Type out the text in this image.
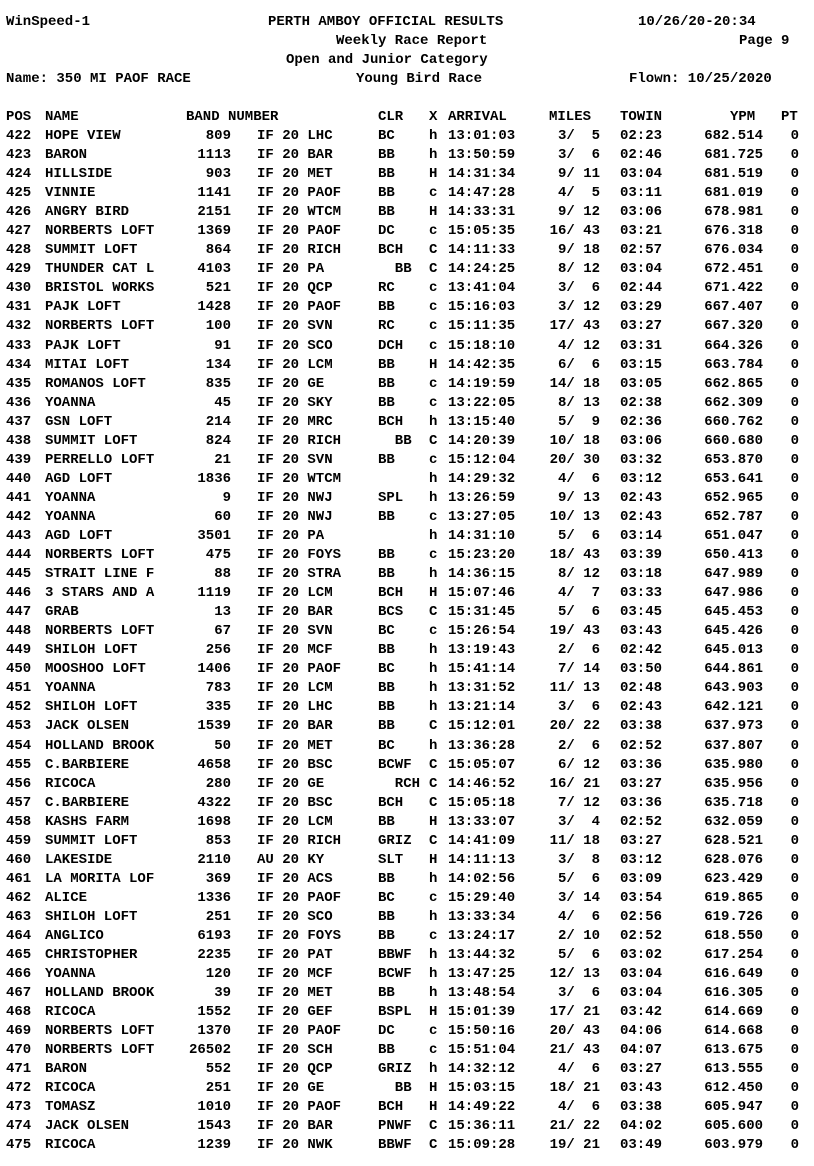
WinSpeed-1

	PERTH AMBOY OFFICIAL RESULTS

	10/26/20-20:34

Weekly Race Report

	Page 9

Open and Junior Category

Name: 350 MI PAOF RACE

	Young Bird Race

	Flown: 10/25/2020

POS NAME	BAND NUMBER	CLR X ARRIVAL	MILES TOWIN	YPM PT
422 HOPE VIEW	809 IF 20 LHC	BC h 13:01:03	3/  5 02:23	682.514	0
423 BARON	1113 IF 20 BAR	BB h 13:50:59	3/  6 02:46	681.725	0
424 HILLSIDE	903 IF 20 MET	BB H 14:31:34	9/ 11 03:04	681.519	0
425 VINNIE	1141 IF 20 PAOF	BB c 14:47:28	4/  5 03:11	681.019	0
426 ANGRY BIRD	2151 IF 20 WTCM	BB H 14:33:31	9/ 12 03:06	678.981	0
427 NORBERTS LOFT	1369 IF 20 PAOF	DC c 15:05:35	16/ 43 03:21	676.318	0
428 SUMMIT LOFT	864 IF 20 RICH	BCH C 14:11:33	9/ 18 02:57	676.034	0
429 THUNDER CAT L	4103 IF 20 PA	BB C 14:24:25	8/ 12 03:04	672.451	0
430 BRISTOL WORKS	521 IF 20 QCP	RC c 13:41:04	3/  6 02:44	671.422	0
431 PAJK LOFT	1428 IF 20 PAOF	BB c 15:16:03	3/ 12 03:29	667.407	0
432 NORBERTS LOFT	100 IF 20 SVN	RC c 15:11:35	17/ 43 03:27	667.320	0
433 PAJK LOFT	91 IF 20 SCO	DCH c 15:18:10	4/ 12 03:31	664.326	0
434 MITAI LOFT	134 IF 20 LCM	BB H 14:42:35	6/  6 03:15	663.784	0
435 ROMANOS LOFT	835 IF 20 GE	BB c 14:19:59	14/ 18 03:05	662.865	0
436 YOANNA	45 IF 20 SKY	BB c 13:22:05	8/ 13 02:38	662.309	0
437 GSN LOFT	214 IF 20 MRC	BCH h 13:15:40	5/  9 02:36	660.762	0
438 SUMMIT LOFT	824 IF 20 RICH	BB C 14:20:39	10/ 18 03:06	660.680	0
439 PERRELLO LOFT	21 IF 20 SVN	BB c 15:12:04	20/ 30 03:32	653.870	0
440 AGD LOFT	1836 IF 20 WTCM	h 14:29:32	4/  6 03:12	653.641	0
441 YOANNA	9 IF 20 NWJ	SPL h 13:26:59	9/ 13 02:43	652.965	0
442 YOANNA	60 IF 20 NWJ	BB c 13:27:05	10/ 13 02:43	652.787	0
443 AGD LOFT	3501 IF 20 PA	h 14:31:10	5/  6 03:14	651.047	0
444 NORBERTS LOFT	475 IF 20 FOYS	BB c 15:23:20	18/ 43 03:39	650.413	0
445 STRAIT LINE F	88 IF 20 STRA	BB h 14:36:15	8/ 12 03:18	647.989	0
446 3 STARS AND A	1119 IF 20 LCM	BCH H 15:07:46	4/  7 03:33	647.986	0
447 GRAB	13 IF 20 BAR	BCS C 15:31:45	5/  6 03:45	645.453	0
448 NORBERTS LOFT	67 IF 20 SVN	BC c 15:26:54	19/ 43 03:43	645.426	0
449 SHILOH LOFT	256 IF 20 MCF	BB h 13:19:43	2/  6 02:42	645.013	0
450 MOOSHOO LOFT	1406 IF 20 PAOF	BC h 15:41:14	7/ 14 03:50	644.861	0
451 YOANNA	783 IF 20 LCM	BB h 13:31:52	11/ 13 02:48	643.903	0
452 SHILOH LOFT	335 IF 20 LHC	BB h 13:21:14	3/  6 02:43	642.121	0
453 JACK OLSEN	1539 IF 20 BAR	BB C 15:12:01	20/ 22 03:38	637.973	0
454 HOLLAND BROOK	50 IF 20 MET	BC h 13:36:28	2/  6 02:52	637.807	0
455 C.BARBIERE	4658 IF 20 BSC	BCWF C 15:05:07	6/ 12 03:36	635.980	0
456 RICOCA	280 IF 20 GE	RCH C 14:46:52	16/ 21 03:27	635.956	0
457 C.BARBIERE	4322 IF 20 BSC	BCH C 15:05:18	7/ 12 03:36	635.718	0
458 KASHS FARM	1698 IF 20 LCM	BB H 13:33:07	3/  4 02:52	632.059	0
459 SUMMIT LOFT	853 IF 20 RICH	GRIZ C 14:41:09	11/ 18 03:27	628.521	0
460 LAKESIDE	2110 AU 20 KY	SLT H 14:11:13	3/  8 03:12	628.076	0
461 LA MORITA LOF	369 IF 20 ACS	BB h 14:02:56	5/  6 03:09	623.429	0
462 ALICE	1336 IF 20 PAOF	BC c 15:29:40	3/ 14 03:54	619.865	0
463 SHILOH LOFT	251 IF 20 SCO	BB h 13:33:34	4/  6 02:56	619.726	0
464 ANGLICO	6193 IF 20 FOYS	BB c 13:24:17	2/ 10 02:52	618.550	0
465 CHRISTOPHER	2235 IF 20 PAT	BBWF h 13:44:32	5/  6 03:02	617.254	0
466 YOANNA	120 IF 20 MCF	BCWF h 13:47:25	12/ 13 03:04	616.649	0
467 HOLLAND BROOK	39 IF 20 MET	BB h 13:48:54	3/  6 03:04	616.305	0
468 RICOCA	1552 IF 20 GEF	BSPL H 15:01:39	17/ 21 03:42	614.669	0
469 NORBERTS LOFT	1370 IF 20 PAOF	DC c 15:50:16	20/ 43 04:06	614.668	0
470 NORBERTS LOFT 26502 IF 20 SCH	BB c 15:51:04	21/ 43 04:07	613.675	0
471 BARON	552 IF 20 QCP	GRIZ h 14:32:12	4/  6 03:27	613.555	0
472 RICOCA	251 IF 20 GE	BB H 15:03:15	18/ 21 03:43	612.450	0
473 TOMASZ	1010 IF 20 PAOF	BCH H 14:49:22	4/  6 03:38	605.947	0
474 JACK OLSEN	1543 IF 20 BAR	PNWF C 15:36:11	21/ 22 04:02	605.600	0
475 RICOCA	1239 IF 20 NWK	BBWF C 15:09:28	19/ 21 03:49	603.979	0
